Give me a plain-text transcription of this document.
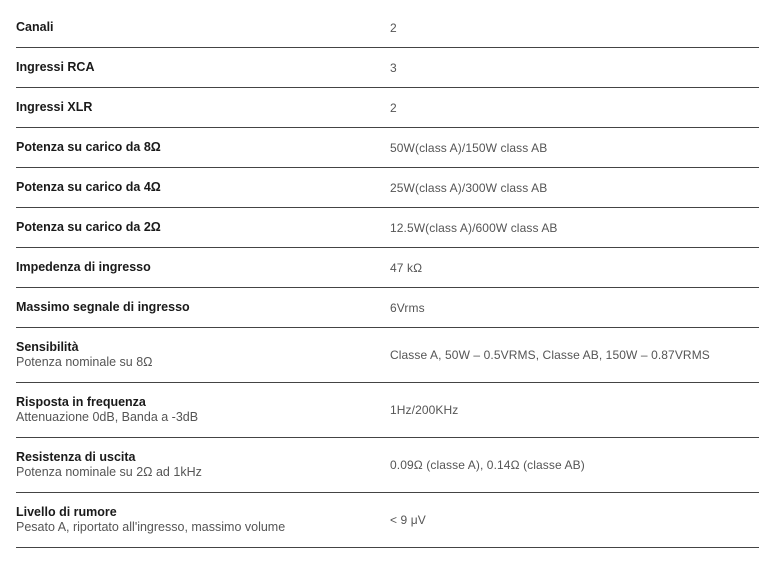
Canali	2
Ingressi RCA	3
Ingressi XLR	2
Potenza su carico da 8Ω	50W(class A)/150W class AB
Potenza su carico da 4Ω	25W(class A)/300W class AB
Potenza su carico da 2Ω	12.5W(class A)/600W class AB
Impedenza di ingresso	47 kΩ
Massimo segnale di ingresso	6Vrms
Sensibilità
Potenza nominale su 8Ω	Classe A, 50W – 0.5VRMS, Classe AB, 150W – 0.87VRMS
Risposta in frequenza
Attenuazione 0dB, Banda a -3dB	1Hz/200KHz
Resistenza di uscita
Potenza nominale su 2Ω ad 1kHz	0.09Ω (classe A), 0.14Ω (classe AB)
Livello di rumore
Pesato A, riportato all'ingresso, massimo volume	< 9 μV
